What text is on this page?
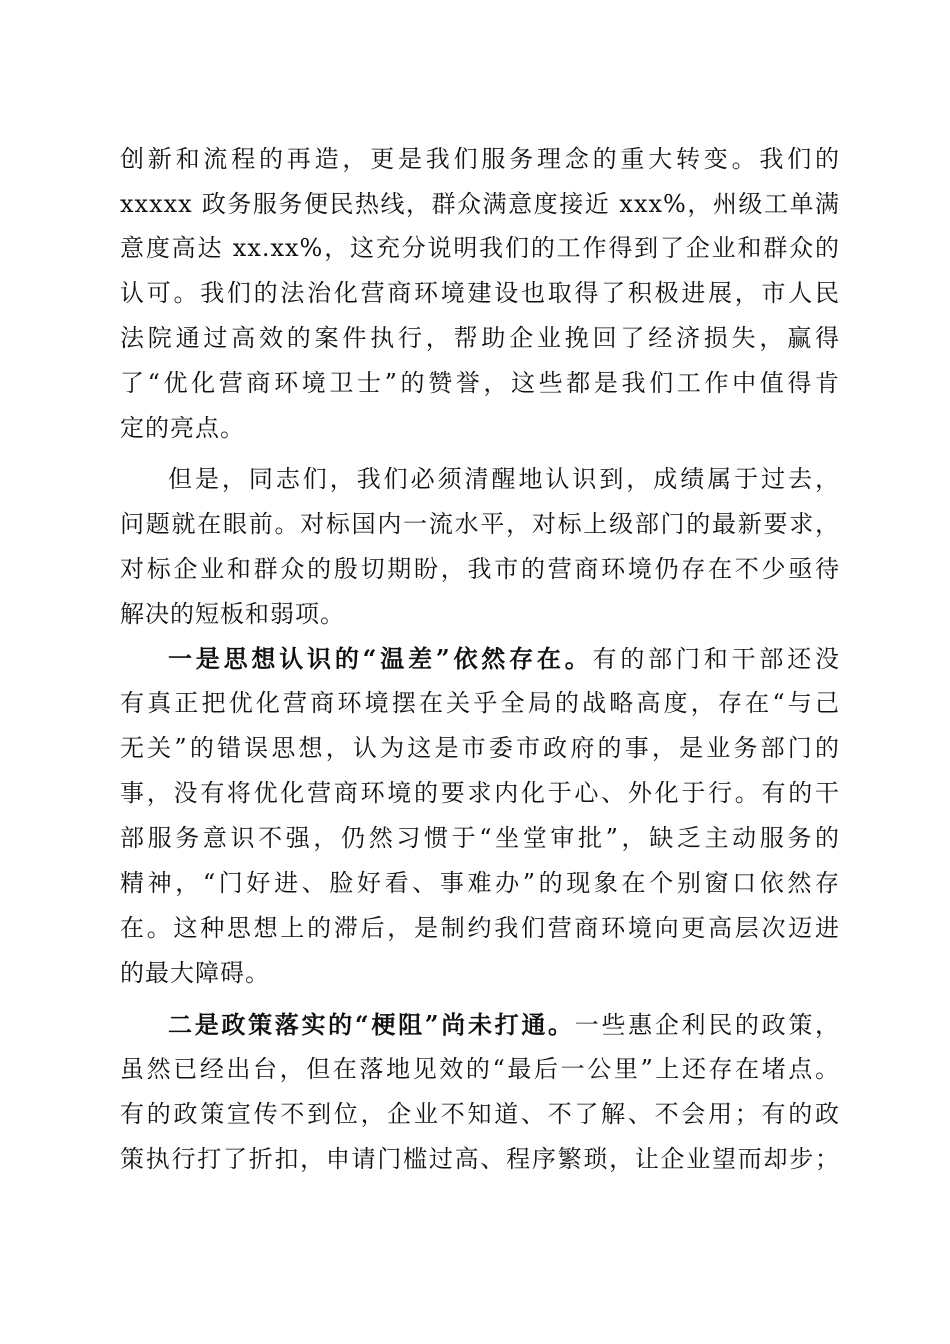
创新和流程的再造，更是我们服务理念的重大转变。我们的
xxxxx 政务服务便民热线，群众满意度接近 xxx%，州级工单满
意度高达 xx.xx%，这充分说明我们的工作得到了企业和群众的
认可。我们的法治化营商环境建设也取得了积极进展，市人民
法院通过高效的案件执行，帮助企业挽回了经济损失，赢得
了“优化营商环境卫士”的赞誉，这些都是我们工作中值得肯
定的亮点。
但是，同志们，我们必须清醒地认识到，成绩属于过去，
问题就在眼前。对标国内一流水平，对标上级部门的最新要求，
对标企业和群众的殷切期盼，我市的营商环境仍存在不少亟待
解决的短板和弱项。
一是思想认识的“温差”依然存在。有的部门和干部还没
有真正把优化营商环境摆在关乎全局的战略高度，存在“与己
无关”的错误思想，认为这是市委市政府的事，是业务部门的
事，没有将优化营商环境的要求内化于心、外化于行。有的干
部服务意识不强，仍然习惯于“坐堂审批”，缺乏主动服务的
精神，“门好进、脸好看、事难办”的现象在个别窗口依然存
在。这种思想上的滞后，是制约我们营商环境向更高层次迈进
的最大障碍。
二是政策落实的“梗阻”尚未打通。一些惠企利民的政策，
虽然已经出台，但在落地见效的“最后一公里”上还存在堵点。
有的政策宣传不到位，企业不知道、不了解、不会用；有的政
策执行打了折扣，申请门槛过高、程序繁琐，让企业望而却步；
